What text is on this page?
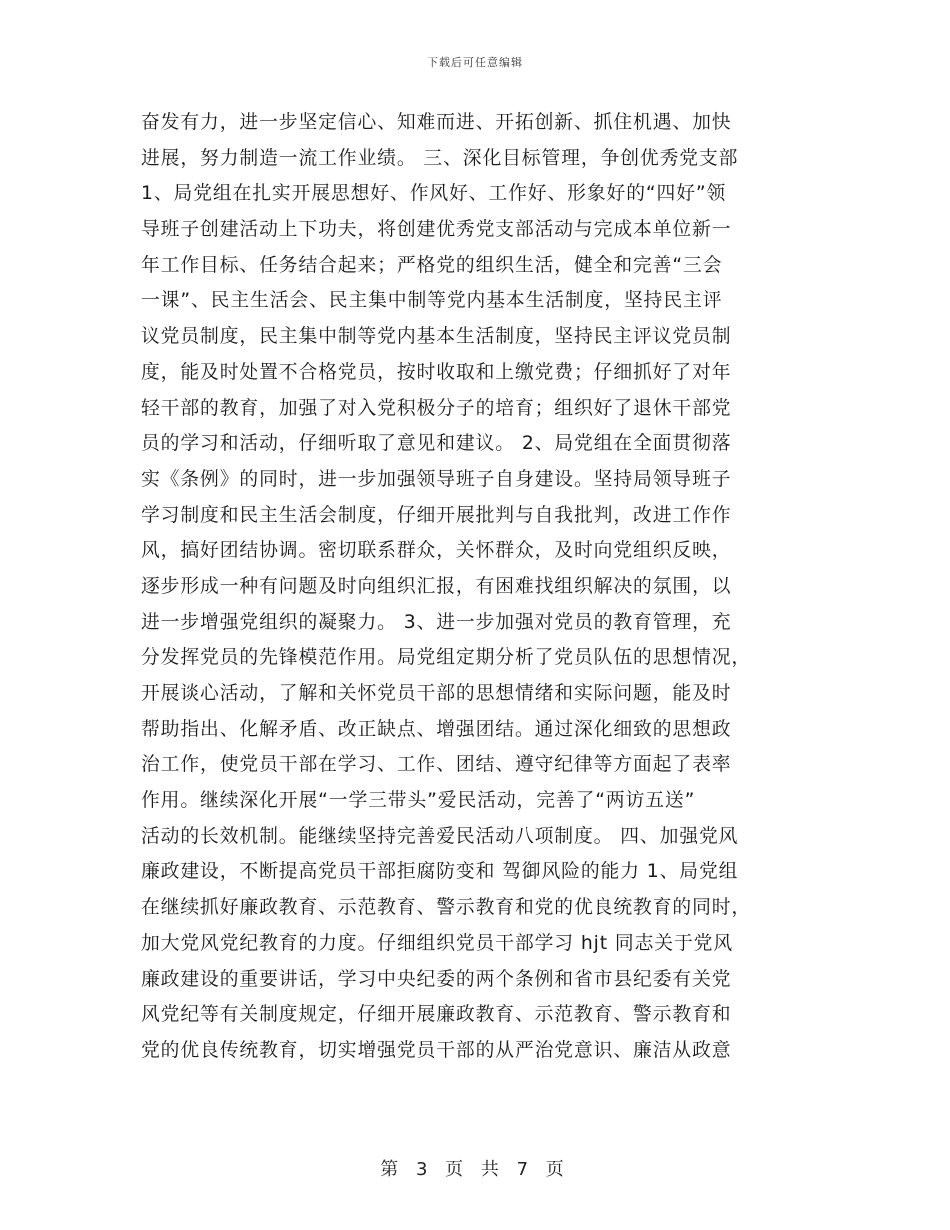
下载后可任意编辑
奋发有力，进一步坚定信心、知难而进、开拓创新、抓住机遇、加快
进展，努力制造一流工作业绩。 三、深化目标管理，争创优秀党支部
1、局党组在扎实开展思想好、作风好、工作好、形象好的“四好”领
导班子创建活动上下功夫，将创建优秀党支部活动与完成本单位新一
年工作目标、任务结合起来；严格党的组织生活，健全和完善“三会
一课”、民主生活会、民主集中制等党内基本生活制度，坚持民主评
议党员制度，民主集中制等党内基本生活制度，坚持民主评议党员制
度，能及时处置不合格党员，按时收取和上缴党费；仔细抓好了对年
轻干部的教育，加强了对入党积极分子的培育；组织好了退休干部党
员的学习和活动，仔细听取了意见和建议。 2、局党组在全面贯彻落
实《条例》的同时，进一步加强领导班子自身建设。坚持局领导班子
学习制度和民主生活会制度，仔细开展批判与自我批判，改进工作作
风，搞好团结协调。密切联系群众，关怀群众，及时向党组织反映，
逐步形成一种有问题及时向组织汇报，有困难找组织解决的氛围，以
进一步增强党组织的凝聚力。 3、进一步加强对党员的教育管理，充
分发挥党员的先锋模范作用。局党组定期分析了党员队伍的思想情况，
开展谈心活动，了解和关怀党员干部的思想情绪和实际问题，能及时
帮助指出、化解矛盾、改正缺点、增强团结。通过深化细致的思想政
治工作，使党员干部在学习、工作、团结、遵守纪律等方面起了表率
作用。继续深化开展“一学三带头”爱民活动，完善了“两访五送”
活动的长效机制。能继续坚持完善爱民活动八项制度。 四、加强党风
廉政建设，不断提高党员干部拒腐防变和 驾御风险的能力 1、局党组
在继续抓好廉政教育、示范教育、警示教育和党的优良统教育的同时，
加大党风党纪教育的力度。仔细组织党员干部学习 hjt 同志关于党风
廉政建设的重要讲话，学习中央纪委的两个条例和省市县纪委有关党
风党纪等有关制度规定，仔细开展廉政教育、示范教育、警示教育和
党的优良传统教育，切实增强党员干部的从严治党意识、廉洁从政意
第 3 页 共 7 页
